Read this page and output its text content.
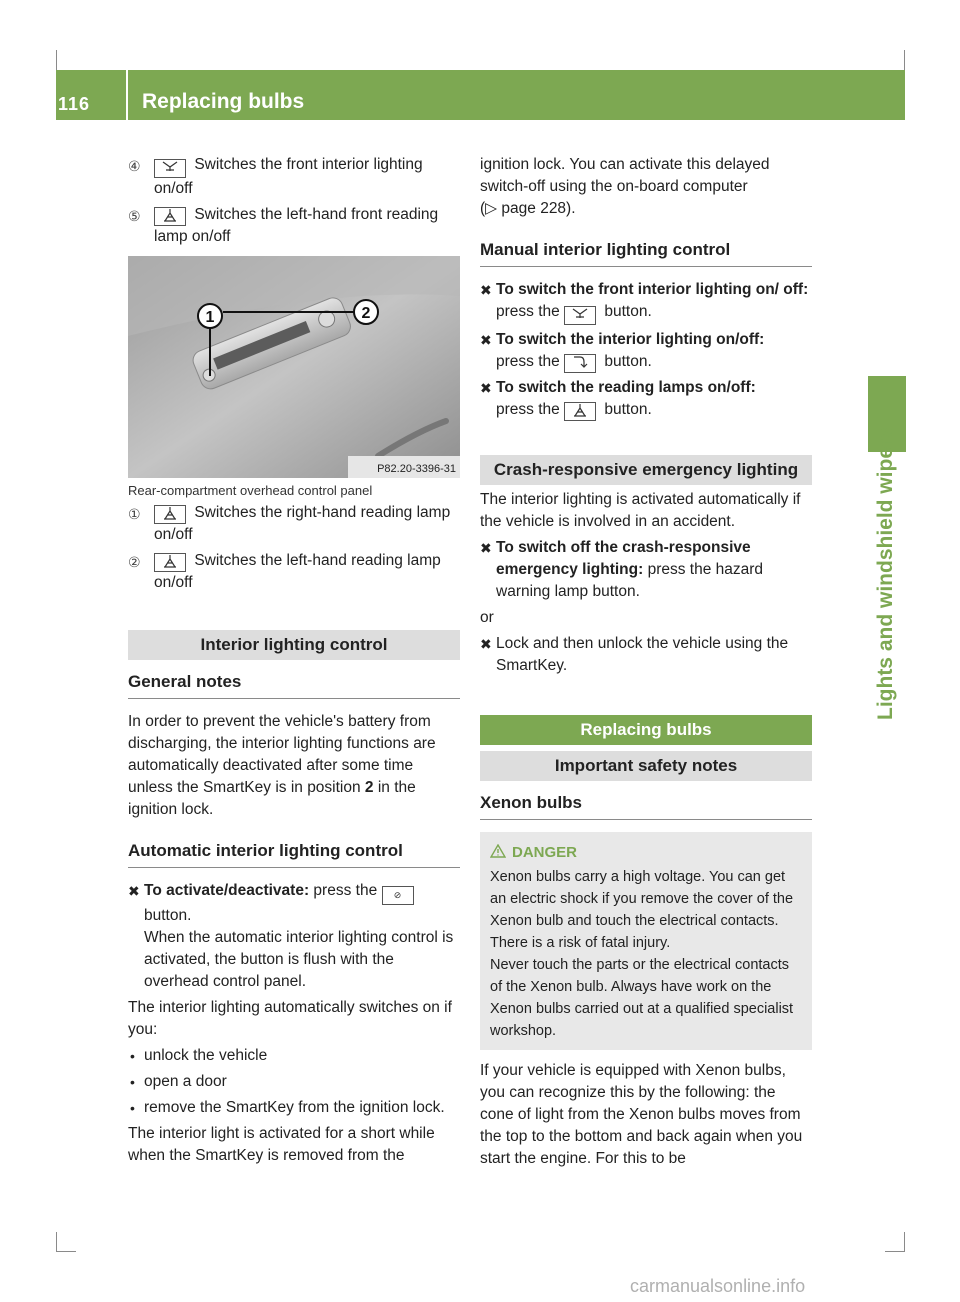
116 Replacing bulbs
Lights and windshield wipers
④	Switches the front interior lighting on/off
⑤	Switches the left-hand front reading lamp on/off
1	2
P82.20-3396-31

Rear-compartment overhead control panel

①	Switches the right-hand reading lamp on/off
②	Switches the left-hand reading lamp on/off
Interior lighting control
General notes

In order to prevent the vehicle's battery from discharging, the interior lighting functions are automatically deactivated after some time unless the SmartKey is in position 2 in the ignition lock.

Automatic interior lighting control
✖ To activate/deactivate: press the ⊘
button.
When the automatic interior lighting control is activated, the button is flush with the overhead control panel.

The interior lighting automatically switches on if you:

• unlock the vehicle
• open a door
• remove the SmartKey from the ignition lock.

The interior light is activated for a short while when the SmartKey is removed from the

ignition lock. You can activate this delayed switch-off using the on-board computer
(▷ page 228).

Manual interior lighting control
✖ To switch the front interior lighting on/ off: press the  button.
✖ To switch the interior lighting on/off:
press the  button.
✖ To switch the reading lamps on/off:
press the  button.
Crash-responsive emergency lighting

The interior lighting is activated automatically if the vehicle is involved in an accident.

✖ To switch off the crash-responsive emergency lighting: press the hazard warning lamp button.

or

✖ Lock and then unlock the vehicle using the SmartKey.
Replacing bulbs
Important safety notes
Xenon bulbs
DANGER

Xenon bulbs carry a high voltage. You can get an electric shock if you remove the cover of the Xenon bulb and touch the electrical contacts. There is a risk of fatal injury.

Never touch the parts or the electrical contacts of the Xenon bulb. Always have work on the Xenon bulbs carried out at a qualified specialist workshop.

If your vehicle is equipped with Xenon bulbs, you can recognize this by the following: the cone of light from the Xenon bulbs moves from the top to the bottom and back again when you start the engine. For this to be

carmanualsonline.info
